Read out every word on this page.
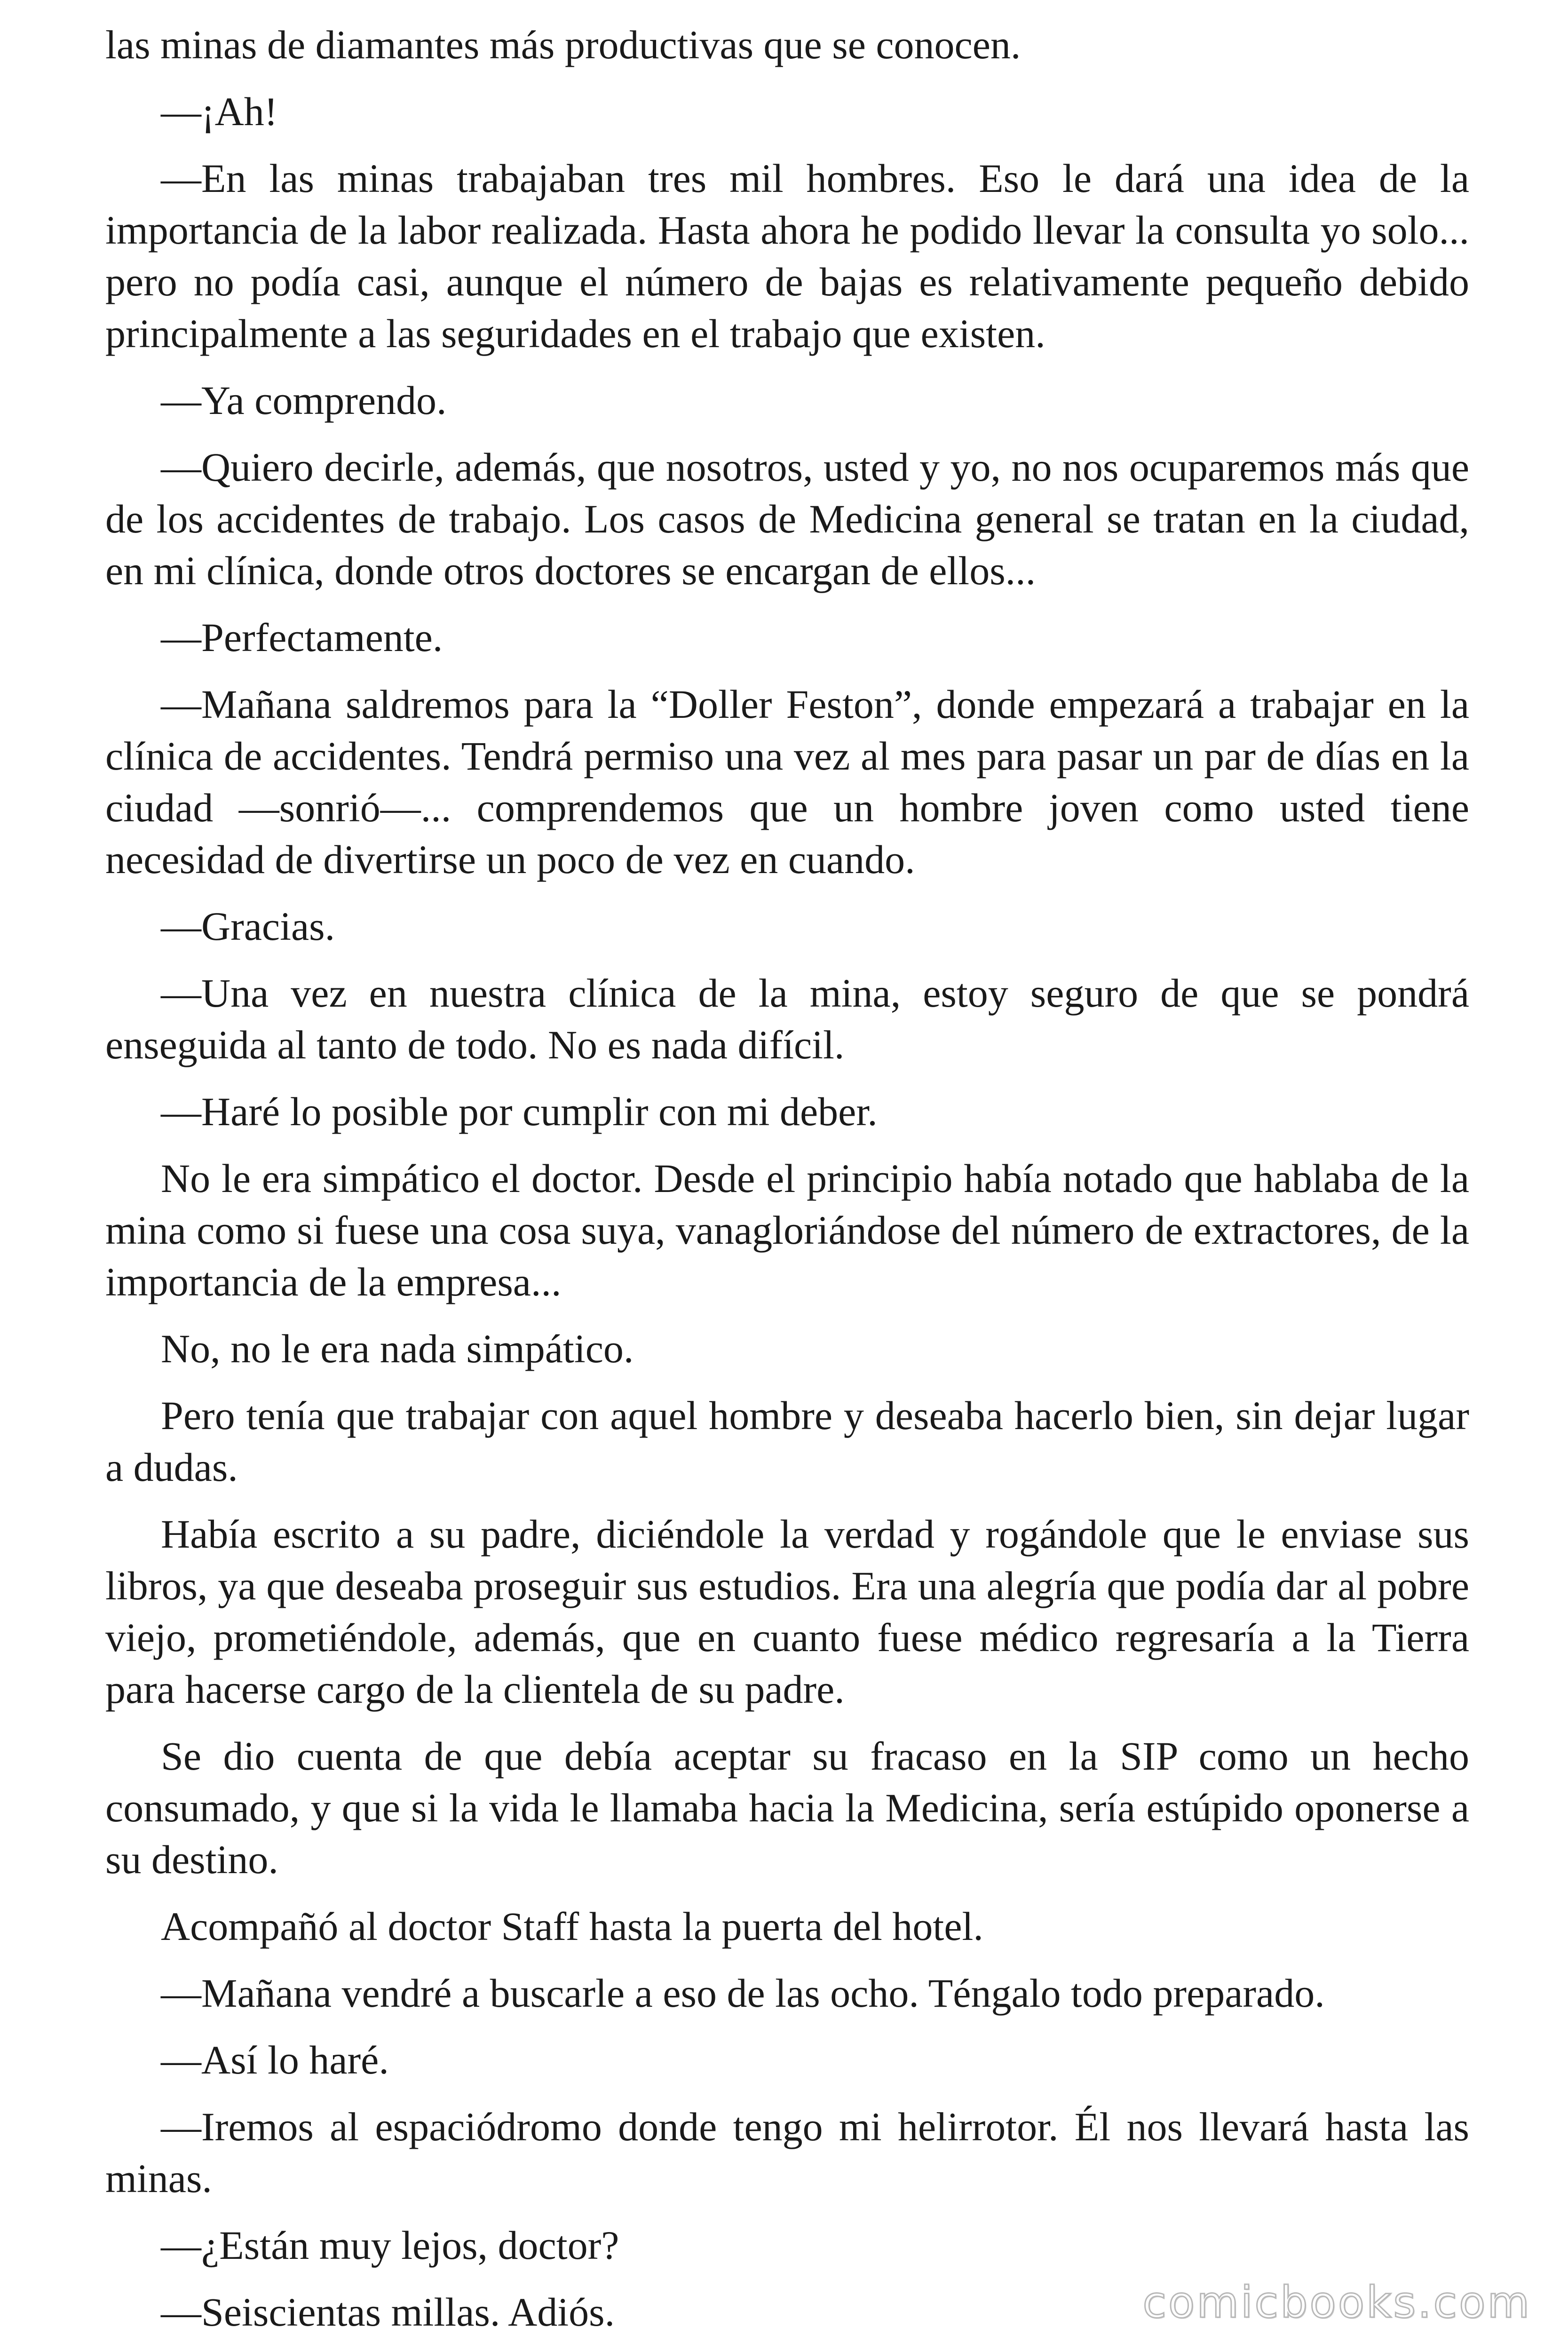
las minas de diamantes más productivas que se conocen.

—¡Ah!

—En las minas trabajaban tres mil hombres. Eso le dará una idea de la importancia de la labor realizada. Hasta ahora he podido llevar la consulta yo solo... pero no podía casi, aunque el número de bajas es relativamente pequeño debido principalmente a las seguridades en el trabajo que existen.

—Ya comprendo.

—Quiero decirle, además, que nosotros, usted y yo, no nos ocuparemos más que de los accidentes de trabajo. Los casos de Medicina general se tratan en la ciudad, en mi clínica, donde otros doctores se encargan de ellos...

—Perfectamente.

—Mañana saldremos para la “Doller Feston”, donde empezará a trabajar en la clínica de accidentes. Tendrá permiso una vez al mes para pasar un par de días en la ciudad —sonrió—... comprendemos que un hombre joven como usted tiene necesidad de divertirse un poco de vez en cuando.

—Gracias.

—Una vez en nuestra clínica de la mina, estoy seguro de que se pondrá enseguida al tanto de todo. No es nada difícil.

—Haré lo posible por cumplir con mi deber.

No le era simpático el doctor. Desde el principio había notado que hablaba de la mina como si fuese una cosa suya, vanagloriándose del número de extractores, de la importancia de la empresa...

No, no le era nada simpático.

Pero tenía que trabajar con aquel hombre y deseaba hacerlo bien, sin dejar lugar a dudas.

Había escrito a su padre, diciéndole la verdad y rogándole que le enviase sus libros, ya que deseaba proseguir sus estudios. Era una alegría que podía dar al pobre viejo, prometiéndole, además, que en cuanto fuese médico regresaría a la Tierra para hacerse cargo de la clientela de su padre.

Se dio cuenta de que debía aceptar su fracaso en la SIP como un hecho consumado, y que si la vida le llamaba hacia la Medicina, sería estúpido oponerse a su destino.

Acompañó al doctor Staff hasta la puerta del hotel.

—Mañana vendré a buscarle a eso de las ocho. Téngalo todo preparado.

—Así lo haré.

—Iremos al espaciódromo donde tengo mi helirrotor. Él nos llevará hasta las minas.

—¿Están muy lejos, doctor?

—Seiscientas millas. Adiós.	comicbooks.com
